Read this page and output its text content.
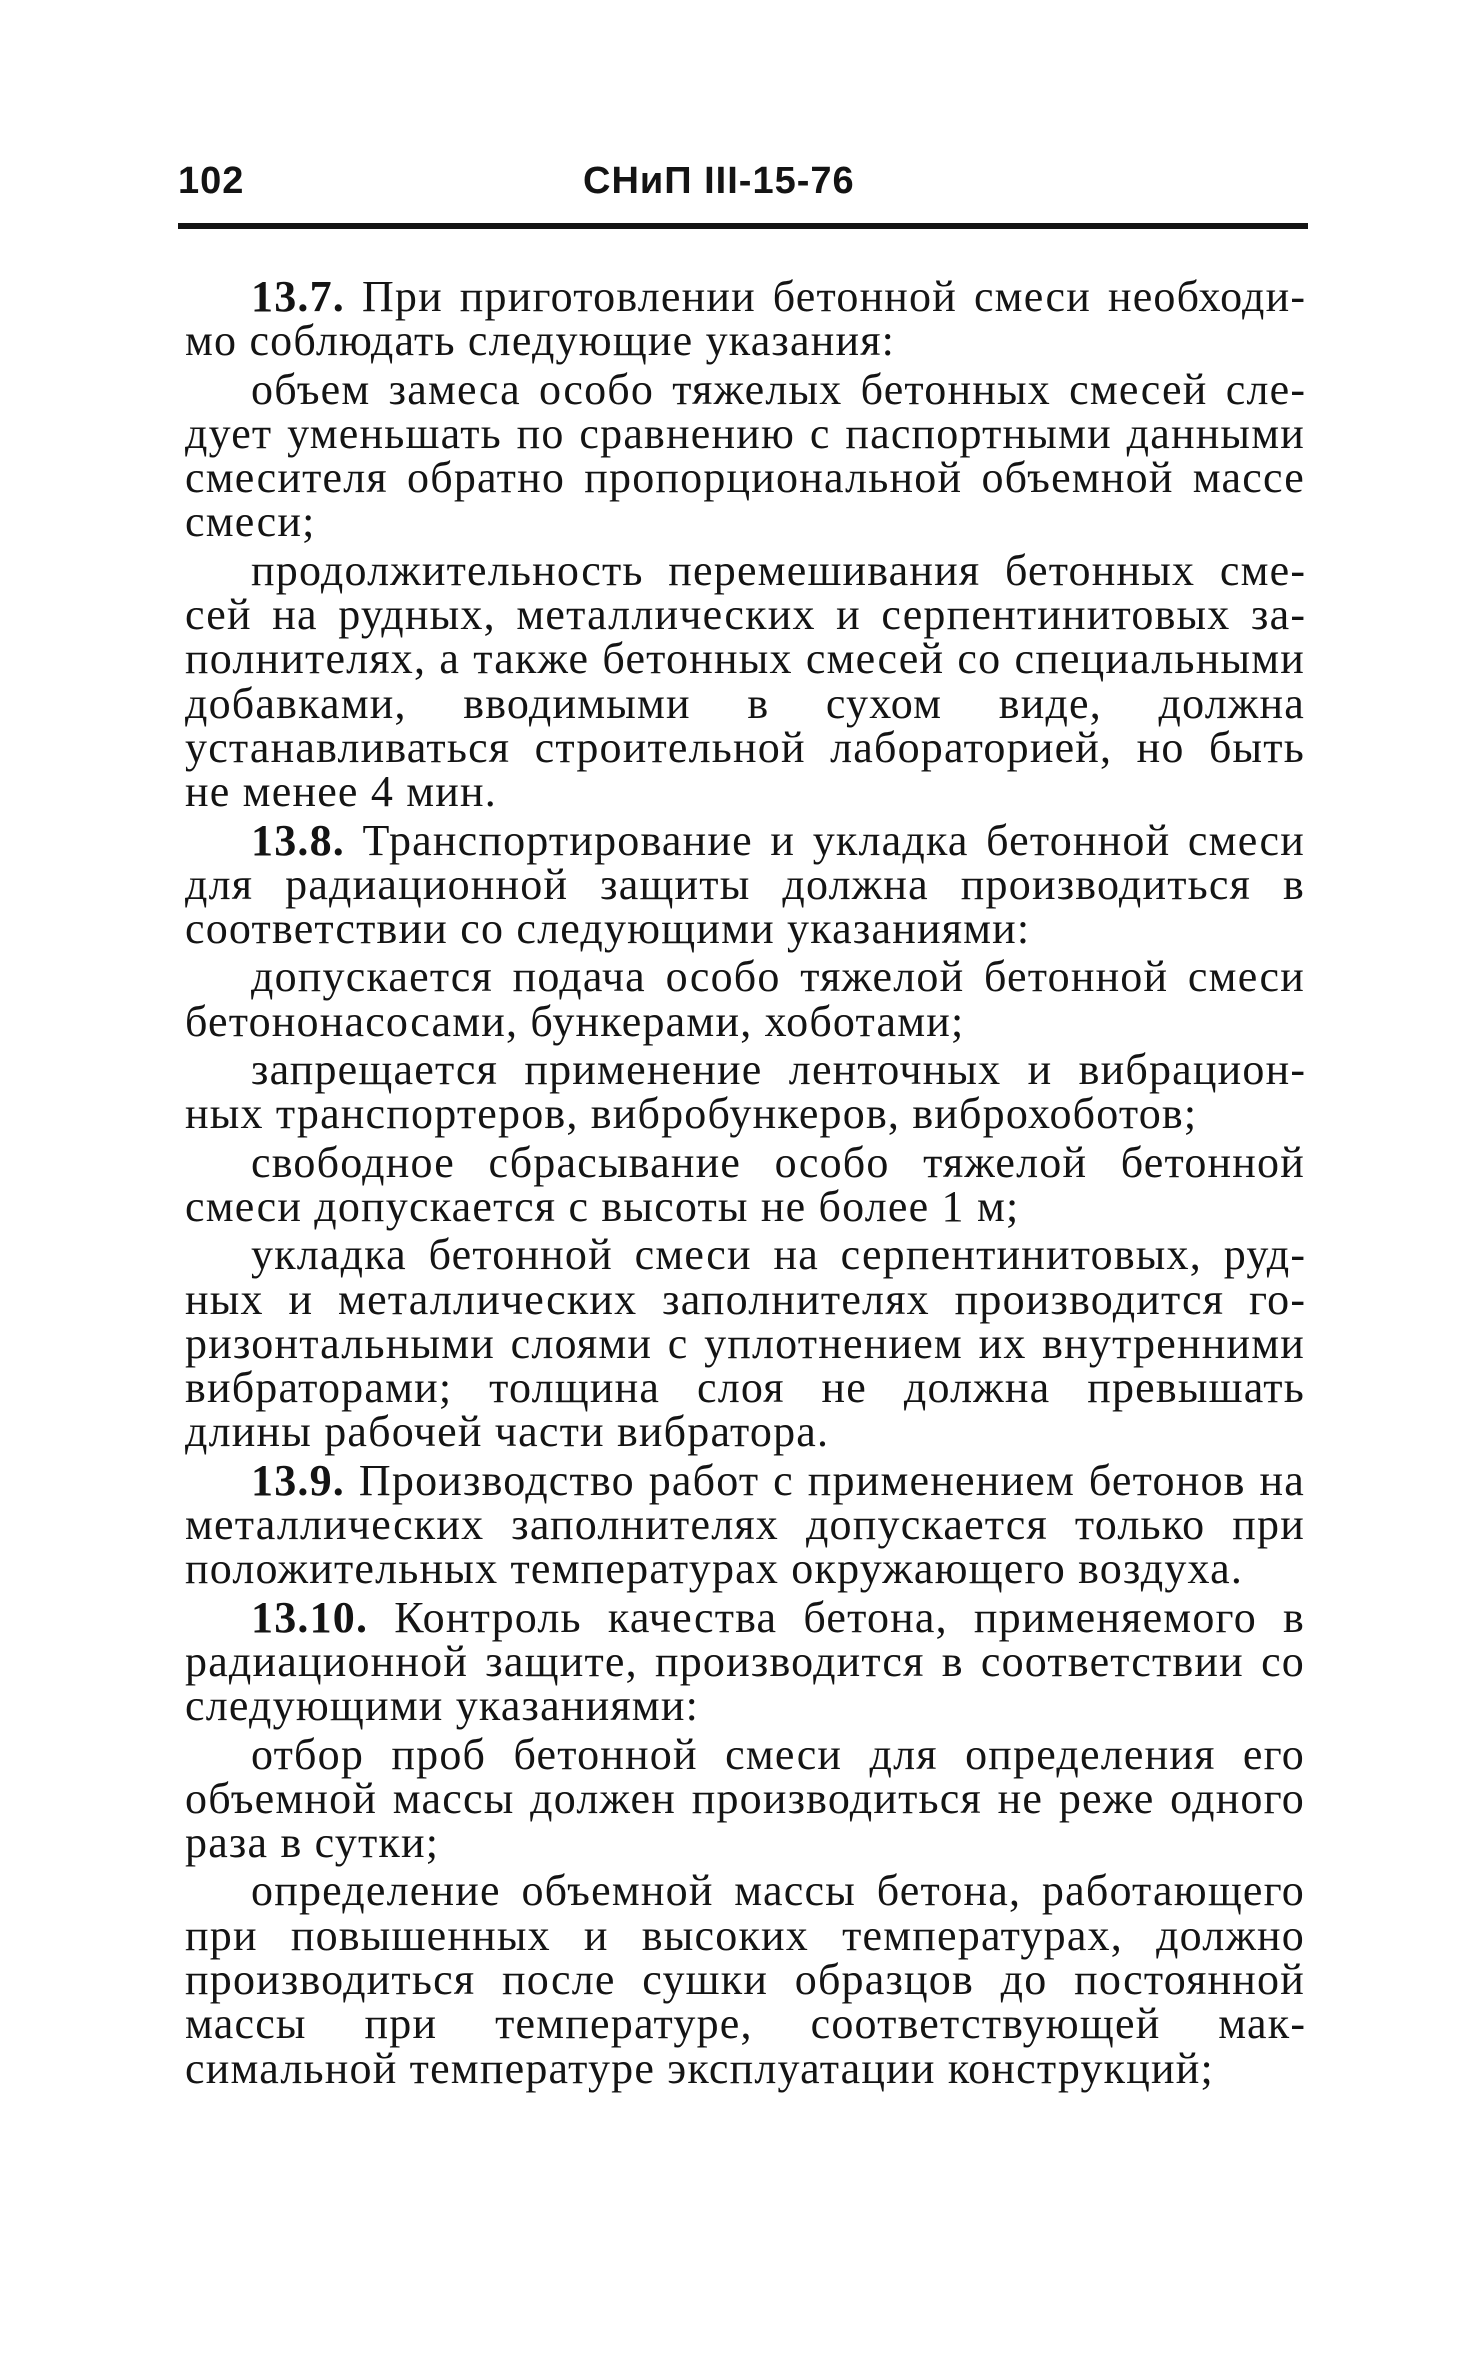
102	СНиП III-15-76

13.7. При приготовлении бетонной смеси необходимо соблюдать следующие указания:

объем замеса особо тяжелых бетонных смесей следует уменьшать по сравнению с паспортными данными смесителя обратно пропорциональной объемной массе смеси;

продолжительность перемешивания бетонных смесей на рудных, металлических и серпентинитовых заполнителях, а также бетонных смесей со специальными добавками, вводимыми в сухом виде, должна устанавливаться строительной лабораторией, но быть не менее 4 мин.

13.8. Транспортирование и укладка бетонной смеси для радиационной защиты должна производиться в соответствии со следующими указаниями:

допускается подача особо тяжелой бетонной смеси бетононасосами, бункерами, хоботами;

запрещается применение ленточных и вибрационных транспортеров, вибробункеров, виброхоботов;

свободное сбрасывание особо тяжелой бетонной смеси допускается с высоты не более 1 м;

укладка бетонной смеси на серпентинитовых, рудных и металлических заполнителях производится горизонтальными слоями с уплотнением их внутренними вибраторами; толщина слоя не должна превышать длины рабочей части вибратора.

13.9. Производство работ с применением бетонов на металлических заполнителях допускается только при положительных температурах окружающего воздуха.

13.10. Контроль качества бетона, применяемого в радиационной защите, производится в соответствии со следующими указаниями:

отбор проб бетонной смеси для определения его объемной массы должен производиться не реже одного раза в сутки;

определение объемной массы бетона, работающего при повышенных и высоких температурах, должно производиться после сушки образцов до постоянной массы при температуре, соответствующей максимальной температуре эксплуатации конструкций;
